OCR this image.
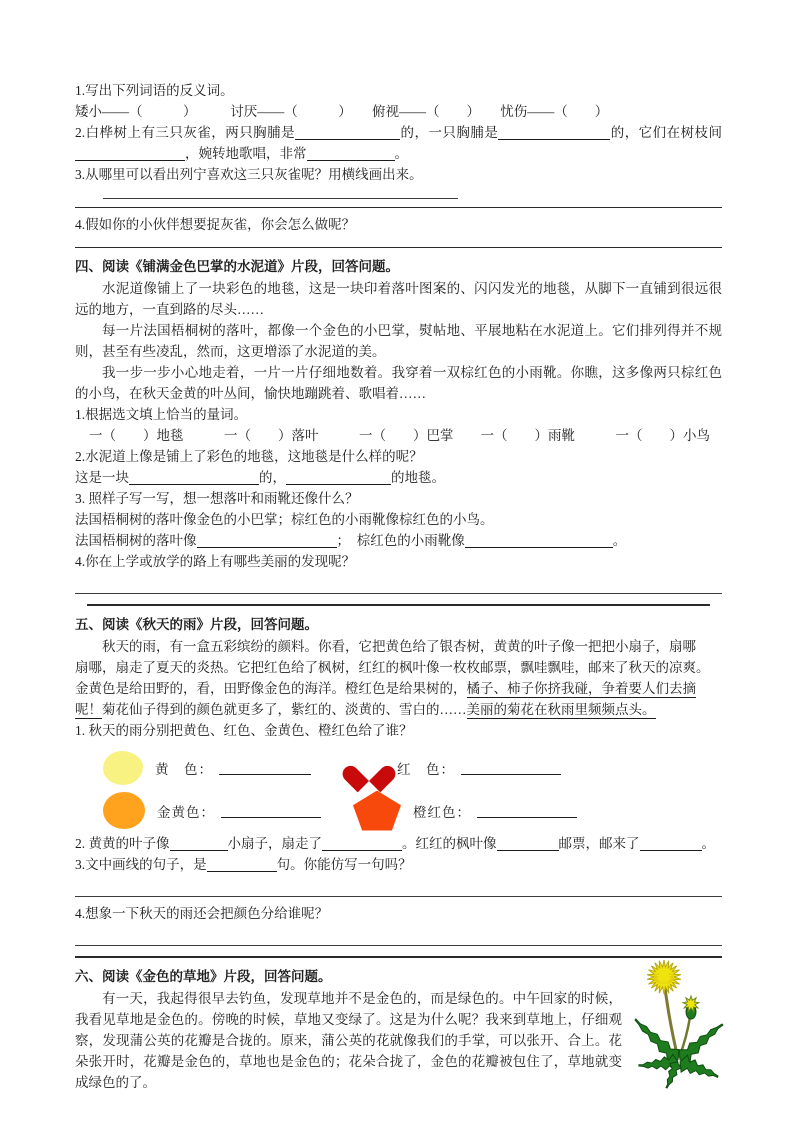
1.写出下列词语的反义词。
矮小——（　　　）　　　讨厌——（　　　）　　俯视——（　　）　　忧伤——（　　）
2.白桦树上有三只灰雀，两只胸脯是	的，一只胸脯是	的，它们在树枝间，婉转地歌唱，非常	。
3.从哪里可以看出列宁喜欢这三只灰雀呢？用横线画出来。
4.假如你的小伙伴想要捉灰雀，你会怎么做呢？
四、阅读《铺满金色巴掌的水泥道》片段，回答问题。

水泥道像铺上了一块彩色的地毯，这是一块印着落叶图案的、闪闪发光的地毯，从脚下一直铺到很远很远的地方，一直到路的尽头……

每一片法国梧桐树的落叶，都像一个金色的小巴掌，熨帖地、平展地粘在水泥道上。它们排列得并不规则，甚至有些凌乱，然而，这更增添了水泥道的美。

我一步一步小心地走着，一片一片仔细地数着。我穿着一双棕红色的小雨靴。你瞧，这多像两只棕红色的小鸟，在秋天金黄的叶丛间，愉快地蹦跳着、歌唱着……

1.根据选文填上恰当的量词。
一（　　）地毯　　　一（　　）落叶　　　一（　　）巴掌　　一（　　）雨靴　　　一（　　）小鸟
2.水泥道上像是铺上了彩色的地毯，这地毯是什么样的呢？
这是一块	的，	的地毯。
3. 照样子写一写，想一想落叶和雨靴还像什么？
法国梧桐树的落叶像金色的小巴掌；棕红色的小雨靴像棕红色的小鸟。
法国梧桐树的落叶像	；　棕红色的小雨靴像	。
4.你在上学或放学的路上有哪些美丽的发现呢？
五、阅读《秋天的雨》片段，回答问题。
秋天的雨，有一盒五彩缤纷的颜料。你看，它把黄色给了银杏树，黄黄的叶子像一把把小扇子，扇哪
扇哪，扇走了夏天的炎热。它把红色给了枫树，红红的枫叶像一枚枚邮票，飘哇飘哇，邮来了秋天的凉爽。
金黄色是给田野的，看，田野像金色的海洋。橙红色是给果树的，橘子、柿子你挤我碰，争着要人们去摘
呢！菊花仙子得到的颜色就更多了，紫红的、淡黄的、雪白的……美丽的菊花在秋雨里频频点头。
1. 秋天的雨分别把黄色、红色、金黄色、橙红色给了谁？
黄　色：	红　色：
金黄色：	橙红色：
2. 黄黄的叶子像	小扇子，扇走了	。红红的枫叶像	邮票，邮来了	。
3.文中画线的句子，是	句。你能仿写一句吗？
4.想象一下秋天的雨还会把颜色分给谁呢？
六、阅读《金色的草地》片段，回答问题。

有一天，我起得很早去钓鱼，发现草地并不是金色的，而是绿色的。中午回家的时候，我看见草地是金色的。傍晚的时候，草地又变绿了。这是为什么呢？我来到草地上，仔细观察，发现蒲公英的花瓣是合拢的。原来，蒲公英的花就像我们的手掌，可以张开、合上。花朵张开时，花瓣是金色的，草地也是金色的；花朵合拢了，金色的花瓣被包住了，草地就变成绿色的了。
